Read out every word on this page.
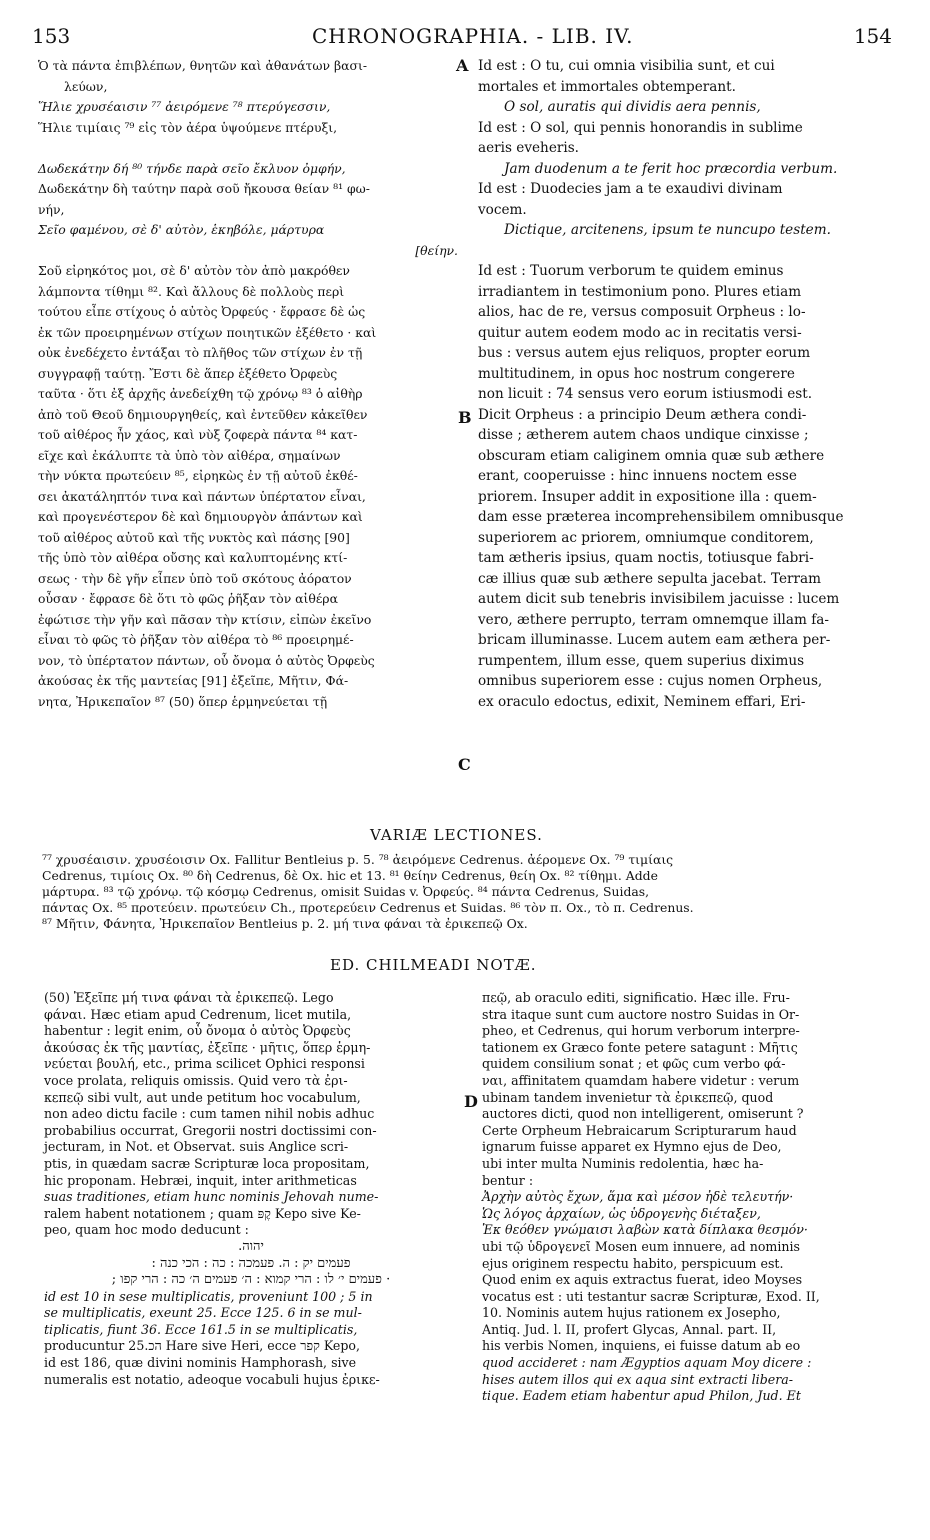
153	CHRONOGRAPHIA. - LIB. IV.	154

Ὁ τὰ πάντα ἐπιβλέπων, θνητῶν καὶ ἀθανάτων βασι-

λεύων,

Ἥλιε χρυσέαισιν ⁷⁷ ἀειρόμενε ⁷⁸ πτερύγεσσιν,

Ἥλιε τιμίαις ⁷⁹ εἰς τὸν ἀέρα ὑψούμενε πτέρυξι,

Δωδεκάτην δή ⁸⁰ τήνδε παρὰ σεῖο ἔκλυον ὀμφήν,

Δωδεκάτην δὴ ταύτην παρὰ σοῦ ἤκουσα θείαν ⁸¹ φω-

νήν,

Σεῖο φαμένου, σὲ δ' αὐτὸν, ἑκηβόλε, μάρτυρα

[θείην.

Σοῦ εἰρηκότος μοι, σὲ δ' αὐτὸν τὸν ἀπὸ μακρόθεν

λάμποντα τίθημι ⁸². Καὶ ἄλλους δὲ πολλοὺς περὶ

τούτου εἶπε στίχους ὁ αὐτὸς Ὀρφεύς · ἔφρασε δὲ ὡς

ἐκ τῶν προειρημένων στίχων ποιητικῶν ἐξέθετο · καὶ

οὐκ ἐνεδέχετο ἐντάξαι τὸ πλῆθος τῶν στίχων ἐν τῇ

συγγραφῇ ταύτῃ. Ἔστι δὲ ἅπερ ἐξέθετο Ὀρφεὺς

ταῦτα · ὅτι ἐξ ἀρχῆς ἀνεδείχθη τῷ χρόνῳ ⁸³ ὁ αἰθὴρ

ἀπὸ τοῦ Θεοῦ δημιουργηθείς, καὶ ἐντεῦθεν κἀκεῖθεν

τοῦ αἰθέρος ἦν χάος, καὶ νὺξ ζοφερὰ πάντα ⁸⁴ κατ-

εῖχε καὶ ἐκάλυπτε τὰ ὑπὸ τὸν αἰθέρα, σημαίνων

τὴν νύκτα πρωτεύειν ⁸⁵, εἰρηκὼς ἐν τῇ αὐτοῦ ἐκθέ-

σει ἀκατάληπτόν τινα καὶ πάντων ὑπέρτατον εἶναι,

καὶ προγενέστερον δὲ καὶ δημιουργὸν ἁπάντων καὶ

τοῦ αἰθέρος αὐτοῦ καὶ τῆς νυκτὸς καὶ πάσης [90]

τῆς ὑπὸ τὸν αἰθέρα οὔσης καὶ καλυπτομένης κτί-

σεως · τὴν δὲ γῆν εἶπεν ὑπὸ τοῦ σκότους ἀόρατον

οὖσαν · ἔφρασε δὲ ὅτι τὸ φῶς ῥῆξαν τὸν αἰθέρα

ἐφώτισε τὴν γῆν καὶ πᾶσαν τὴν κτίσιν, εἰπὼν ἐκεῖνο

εἶναι τὸ φῶς τὸ ῥῆξαν τὸν αἰθέρα τὸ ⁸⁶ προειρημέ-

νον, τὸ ὑπέρτατον πάντων, οὗ ὄνομα ὁ αὐτὸς Ὀρφεὺς

ἀκούσας ἐκ τῆς μαντείας [91] ἐξεῖπε, Μῆτιν, Φά-

νητα, Ἠρικεπαῖον ⁸⁷ (50) ὅπερ ἑρμηνεύεται τῇ

A
B
C
D

Id est : O tu, cui omnia visibilia sunt, et cui

mortales et immortales obtemperant.

O sol, auratis qui dividis aera pennis,

Id est : O sol, qui pennis honorandis in sublime

aeris eveheris.

Jam duodenum a te ferit hoc præcordia verbum.

Id est : Duodecies jam a te exaudivi divinam

vocem.

Dictique, arcitenens, ipsum te nuncupo testem.

Id est : Tuorum verborum te quidem eminus

irradiantem in testimonium pono. Plures etiam

alios, hac de re, versus composuit Orpheus : lo-

quitur autem eodem modo ac in recitatis versi-

bus : versus autem ejus reliquos, propter eorum

multitudinem, in opus hoc nostrum congerere

non licuit : 74 sensus vero eorum istiusmodi est.

Dicit Orpheus : a principio Deum æthera condi-

disse ; ætherem autem chaos undique cinxisse ;

obscuram etiam caliginem omnia quæ sub æthere

erant, cooperuisse : hinc innuens noctem esse

priorem. Insuper addit in expositione illa : quem-

dam esse præterea incomprehensibilem omnibusque

superiorem ac priorem, omniumque conditorem,

tam ætheris ipsius, quam noctis, totiusque fabri-

cæ illius quæ sub æthere sepulta jacebat. Terram

autem dicit sub tenebris invisibilem jacuisse : lucem

vero, æthere perrupto, terram omnemque illam fa-

bricam illuminasse. Lucem autem eam æthera per-

rumpentem, illum esse, quem superius diximus

omnibus superiorem esse : cujus nomen Orpheus,

ex oraculo edoctus, edixit, Neminem effari, Eri-

VARIÆ LECTIONES.

⁷⁷ χρυσέαισιν. χρυσέοισιν Ox. Fallitur Bentleius p. 5. ⁷⁸ ἀειρόμενε Cedrenus. ἀέρομενε Ox. ⁷⁹ τιμίαις

Cedrenus, τιμίοις Ox. ⁸⁰ δὴ Cedrenus, δὲ Ox. hic et 13. ⁸¹ θείην Cedrenus, θείη Ox. ⁸² τίθημι. Adde

μάρτυρα. ⁸³ τῷ χρόνῳ. τῷ κόσμῳ Cedrenus, omisit Suidas v. Ὀρφεύς. ⁸⁴ πάντα Cedrenus, Suidas,

πάντας Ox. ⁸⁵ προτεύειν. πρωτεύειν Ch., προτερεύειν Cedrenus et Suidas. ⁸⁶ τὸν π. Ox., τὸ π. Cedrenus.

⁸⁷ Μῆτιν, Φάνητα, Ἠρικεπαῖον Bentleius p. 2. μή τινα φάναι τὰ ἐρικεπεῷ Ox.

ED. CHILMEADI NOTÆ.

(50) Ἐξεῖπε μή τινα φάναι τὰ ἐρικεπεῷ. Lego

φάναι. Hæc etiam apud Cedrenum, licet mutila,

habentur : legit enim, οὗ ὄνομα ὁ αὐτὸς Ὀρφεὺς

ἀκούσας ἐκ τῆς μαντίας, ἐξεῖπε · μῆτις, ὅπερ ἑρμη-

νεύεται βουλή, etc., prima scilicet Ophici responsi

voce prolata, reliquis omissis. Quid vero τὰ ἐρι-

κεπεῷ sibi vult, aut unde petitum hoc vocabulum,

non adeo dictu facile : cum tamen nihil nobis adhuc

probabilius occurrat, Gregorii nostri doctissimi con-

jecturam, in Not. et Observat. suis Anglice scri-

ptis, in quædam sacræ Scripturæ loca propositam,

hic proponam. Hebræi, inquit, inter arithmeticas

suas traditiones, etiam hunc nominis Jehovah nume-

ralem habent notationem ; quam קֶפּ Kepo sive Ke-

peo, quam hoc modo deducunt :

יהוה.

פעמים יק : ה. פעמכה : כה : הכי כנה :

· פעמים י׳ לו : הרי קמוא : ה׳ פעמים ה׳ כה : הרי קפו ;

id est 10 in sese multiplicatis, proveniunt 100 ; 5 in

se multiplicatis, exeunt 25. Ecce 125. 6 in se mul-

tiplicatis, fiunt 36. Ecce 161.5 in se multiplicatis,

producuntur 25.הכ Hare sive Heri, ecce קפר Kepo,

id est 186, quæ divini nominis Hamphorash, sive

numeralis est notatio, adeoque vocabuli hujus ἐρικε-

πεῷ, ab oraculo editi, significatio. Hæc ille. Fru-

stra itaque sunt cum auctore nostro Suidas in Or-

pheo, et Cedrenus, qui horum verborum interpre-

tationem ex Græco fonte petere satagunt : Μῆτις

quidem consilium sonat ; et φῶς cum verbo φά-

ναι, affinitatem quamdam habere videtur : verum

ubinam tandem invenietur τὰ ἐρικεπεῷ, quod

auctores dicti, quod non intelligerent, omiserunt ?

Certe Orpheum Hebraicarum Scripturarum haud

ignarum fuisse apparet ex Hymno ejus de Deo,

ubi inter multa Numinis redolentia, hæc ha-

bentur :

Ἀρχὴν αὐτὸς ἔχων, ἅμα καὶ μέσον ἠδὲ τελευτήν·

Ὡς λόγος ἀρχαίων, ὡς ὑδρογενὴς διέταξεν,

Ἐκ θεόθεν γνώμαισι λαβὼν κατὰ δίπλακα θεσμόν·

ubi τῷ ὑδρογενεῖ Mosen eum innuere, ad nominis

ejus originem respectu habito, perspicuum est.

Quod enim ex aquis extractus fuerat, ideo Moyses

vocatus est : uti testantur sacræ Scripturæ, Exod. II,

10. Nominis autem hujus rationem ex Josepho,

Antiq. Jud. l. II, profert Glycas, Annal. part. II,

his verbis Nomen, inquiens, ei fuisse datum ab eo

quod accideret : nam Ægyptios aquam Moy dicere :

hises autem illos qui ex aqua sint extracti libera-

tique. Eadem etiam habentur apud Philon, Jud. Et
